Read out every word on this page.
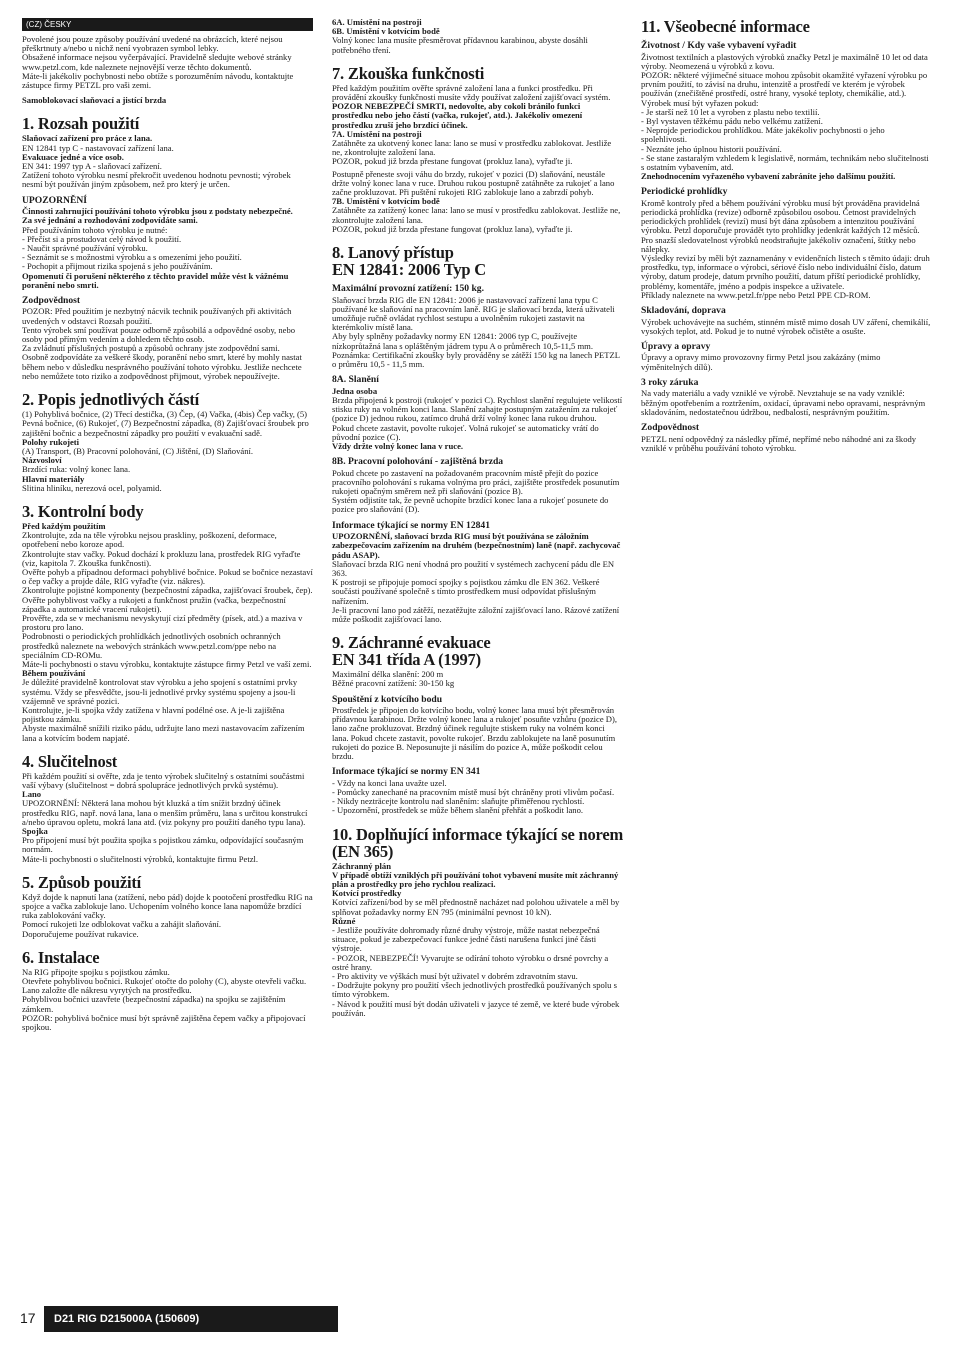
(CZ) ČESKY

Povolené jsou pouze způsoby používání uvedené na obrázcích, které nejsou přeškrtnuty a/nebo u nichž není vyobrazen symbol lebky.

Obsažené informace nejsou vyčerpávající. Pravidelně sledujte webové stránky www.petzl.com, kde naleznete nejnovější verze těchto dokumentů.

Máte-li jakékoliv pochybnosti nebo obtíže s porozuměním návodu, kontaktujte zástupce firmy PETZL pro vaši zemi.

Samoblokovací slaňovací a jistící brzda

1. Rozsah použití

Slaňovací zařízení pro práce z lana.

EN 12841 typ C - nastavovací zařízení lana.

Evakuace jedné a více osob.

EN 341: 1997 typ A - slaňovací zařízení.

Zatížení tohoto výrobku nesmí překročit uvedenou hodnotu pevnosti; výrobek nesmí být používán jiným způsobem, než pro který je určen.

UPOZORNĚNÍ

Činnosti zahrnující používání tohoto výrobku jsou z podstaty nebezpečné.

Za své jednání a rozhodování zodpovídáte sami.

Před používáním tohoto výrobku je nutné:

- Přečíst si a prostudovat celý návod k použití.

- Naučit správné používání výrobku.

- Seznámit se s možnostmi výrobku a s omezeními jeho použití.

- Pochopit a přijmout rizika spojená s jeho používáním.

Opomenutí či porušení některého z těchto pravidel může vést k vážnému poranění nebo smrti.

Zodpovědnost

POZOR: Před použitím je nezbytný nácvik technik používaných při aktivitách uvedených v odstavci Rozsah použití.

Tento výrobek smí používat pouze odborně způsobilá a odpovědné osoby, nebo osoby pod přímým vedením a dohledem těchto osob.

Za zvládnutí příslušných postupů a způsobů ochrany jste zodpovědní sami.

Osobně zodpovídáte za veškeré škody, poranění nebo smrt, které by mohly nastat během nebo v důsledku nesprávného používání tohoto výrobku. Jestliže nechcete nebo nemůžete toto riziko a zodpovědnost přijmout, výrobek nepoužívejte.

2. Popis jednotlivých částí

(1) Pohyblivá bočnice, (2) Třecí destička, (3) Čep, (4) Vačka, (4bis) Čep vačky, (5) Pevná bočnice, (6) Rukojeť, (7) Bezpečnostní západka, (8) Zajišťovací šroubek pro zajištění bočnic a bezpečnostní západky pro použití v evakuační sadě.

Polohy rukojeti

(A) Transport, (B) Pracovní polohování, (C) Jištění, (D) Slaňování.

Názvosloví

Brzdící ruka: volný konec lana.

Hlavní materiály

Slitina hliníku, nerezová ocel, polyamid.

3. Kontrolní body

Před každým použitím

Zkontrolujte, zda na těle výrobku nejsou praskliny, poškození, deformace, opotřebení nebo koroze apod.

Zkontrolujte stav vačky. Pokud dochází k prokluzu lana, prostředek RIG vyřaďte (viz, kapitola 7. Zkouška funkčnosti).

Ověřte pohyb a případnou deformaci pohyblivé bočnice. Pokud se bočnice nezastaví o čep vačky a projde dále, RIG vyřaďte (viz. nákres).

Zkontrolujte pojistné komponenty (bezpečnostní západka, zajišťovací šroubek, čep).

Ověřte pohyblivost vačky a rukojeti a funkčnost pružin (vačka, bezpečnostní západka a automatické vracení rukojeti).

Prověřte, zda se v mechanismu nevyskytují cizí předměty (písek, atd.) a maziva v prostoru pro lano.

Podrobnosti o periodických prohlídkách jednotlivých osobních ochranných prostředků naleznete na webových stránkách www.petzl.com/ppe nebo na speciálním CD-ROMu.

Máte-li pochybnosti o stavu výrobku, kontaktujte zástupce firmy Petzl ve vaší zemi.

Během používání

Je důležité pravidelně kontrolovat stav výrobku a jeho spojení s ostatními prvky systému. Vždy se přesvědčte, jsou-li jednotlivé prvky systému spojeny a jsou-li vzájemně ve správné pozici.

Kontrolujte, je-li spojka vždy zatížena v hlavní podélné ose. A je-li zajištěna pojistkou zámku.

Abyste maximálně snížili riziko pádu, udržujte lano mezi nastavovacím zařízením lana a kotvícím bodem napjaté.

4. Slučitelnost

Při každém použití si ověřte, zda je tento výrobek slučitelný s ostatními součástmi vaší výbavy (slučitelnost = dobrá spolupráce jednotlivých prvků systému).

Lano

UPOZORNĚNÍ: Některá lana mohou být kluzká a tím snížit brzdný účinek prostředku RIG, např. nová lana, lana o menším průměru, lana s určitou konstrukcí a/nebo úpravou opletu, mokrá lana atd. (viz pokyny pro použití daného typu lana).

Spojka

Pro připojení musí být použita spojka s pojistkou zámku, odpovídající současným normám.

Máte-li pochybnosti o slučitelnosti výrobků, kontaktujte firmu Petzl.

5. Způsob použití

Když dojde k napnutí lana (zatížení, nebo pád) dojde k pootočení prostředku RIG na spojce a vačka zablokuje lano. Uchopením volného konce lana napomůže brzdící ruka zablokování vačky.

Pomocí rukojeti lze odblokovat vačku a zahájit slaňování.

Doporučujeme používat rukavice.

6. Instalace

Na RIG připojte spojku s pojistkou zámku.

Otevřete pohyblivou bočnici. Rukojeť otočte do polohy (C), abyste otevřeli vačku. Lano založte dle nákresu vyrytých na prostředku.

Pohyblivou bočnici uzavřete (bezpečnostní západka) na spojku se zajištěním zámkem.

POZOR: pohyblivá bočnice musí být správně zajištěna čepem vačky a připojovací spojkou.

6A. Umístění na postroji

6B. Umístění v kotvícím bodě

Volný konec lana musíte přesměrovat přídavnou karabinou, abyste dosáhli potřebného tření.

7. Zkouška funkčnosti

Před každým použitím ověřte správné založení lana a funkci prostředku. Při provádění zkoušky funkčnosti musíte vždy používat založení zajišťovací systém.

POZOR NEBEZPEČÍ SMRTI, nedovolte, aby cokoli bránilo funkci prostředku nebo jeho částí (vačka, rukojeť, atd.). Jakékoliv omezení prostředku zruší jeho brzdící účinek.

7A. Umístění na postroji

Zatáhněte za ukotvený konec lana: lano se musí v prostředku zablokovat. Jestliže ne, zkontrolujte založení lana.

POZOR, pokud již brzda přestane fungovat (prokluz lana), vyřaďte ji.

Postupně přeneste svoji váhu do brzdy, rukojeť v pozici (D) slaňování, neustále držte volný konec lana v ruce. Druhou rukou postupně zatáhněte za rukojeť a lano začne prokluzovat. Při puštění rukojeti RIG zablokuje lano a zabrzdí pohyb.

7B. Umístění v kotvícím bodě

Zatáhněte za zatížený konec lana: lano se musí v prostředku zablokovat. Jestliže ne, zkontrolujte založení lana.

POZOR, pokud již brzda přestane fungovat (prokluz lana), vyřaďte ji.

8. Lanový přístup
EN 12841: 2006 Typ C
Maximální provozní zatížení: 150 kg.

Slaňovací brzda RIG dle EN 12841: 2006 je nastavovací zařízení lana typu C používané ke slaňování na pracovním laně. RIG je slaňovací brzda, která uživateli umožňuje ručně ovládat rychlost sestupu a uvolněním rukojeti zastavit na kterémkoliv místě lana.

Aby byly splněny požadavky normy EN 12841: 2006 typ C, používejte nízkoprůtažná lana s opláštěným jádrem typu A o průměrech 10,5-11,5 mm.

Poznámka: Certifikační zkoušky byly prováděny se zátěží 150 kg na lanech PETZL o průměru 10,5 - 11,5 mm.

8A. Slanění

Jedna osoba

Brzda připojená k postroji (rukojeť v pozici C). Rychlost slanění regulujete velikostí stisku ruky na volném konci lana. Slanění zahajte postupným zatažením za rukojeť (pozice D) jednou rukou, zatímco druhá drží volný konec lana rukou druhou.

Pokud chcete zastavit, povolte rukojeť. Volná rukojeť se automaticky vrátí do původní pozice (C).

Vždy držte volný konec lana v ruce.

8B. Pracovní polohování - zajištěná brzda

Pokud chcete po zastavení na požadovaném pracovním místě přejít do pozice pracovního polohování s rukama volnýma pro práci, zajištěte prostředek posunutím rukojeti opačným směrem než při slaňování (pozice B).

Systém odjistíte tak, že pevně uchopíte brzdící konec lana a rukojeť posunete do pozice pro slaňování (D).

Informace týkající se normy EN 12841

UPOZORNĚNÍ, slaňovací brzda RIG musí být používána se záložním zabezpečovacím zařízením na druhém (bezpečnostním) laně (např. zachycovač pádu ASAP).

Slaňovací brzda RIG není vhodná pro použití v systémech zachycení pádu dle EN 363.

K postroji se připojuje pomocí spojky s pojistkou zámku dle EN 362. Veškeré součásti používané společně s tímto prostředkem musí odpovídat příslušným nařízením.

Je-li pracovní lano pod zátěží, nezatěžujte záložní zajišťovací lano. Rázové zatížení může poškodit zajišťovací lano.

9. Záchranné evakuace
EN 341 třída A (1997)

Maximální délka slanění: 200 m

Běžné pracovní zatížení: 30-150 kg

Spouštění z kotvícího bodu

Prostředek je připojen do kotvícího bodu, volný konec lana musí být přesměrován přídavnou karabinou. Držte volný konec lana a rukojeť posuňte vzhůru (pozice D), lano začne prokluzovat. Brzdný účinek regulujte stiskem ruky na volném konci lana. Pokud chcete zastavit, povolte rukojeť. Brzdu zablokujete na laně posunutím rukojeti do pozice B. Neposunujte ji násilím do pozice A, může poškodit celou brzdu.

Informace týkající se normy EN 341

- Vždy na konci lana uvažte uzel.

- Pomůcky zanechané na pracovním místě musí být chráněny proti vlivům počasí.

- Nikdy nezträcejte kontrolu nad slaněním: slaňujte přiměřenou rychlostí.

- Upozornění, prostředek se může během slanění přehřát a poškodit lano.

10. Doplňující informace týkající se norem (EN 365)

Záchranný plán

V případě obtíží vzniklých při používání tohot vybavení musíte mít záchranný plán a prostředky pro jeho rychlou realizaci.

Kotvící prostředky

Kotvící zařízení/bod by se měl přednostně nacházet nad polohou uživatele a měl by splňovat požadavky normy EN 795 (minimální pevnost 10 kN).

Různé

- Jestliže používáte dohromady různé druhy výstroje, může nastat nebezpečná situace, pokud je zabezpečovací funkce jedné části narušena funkcí jiné části výstroje.

- POZOR, NEBEZPEČÍ! Vyvarujte se odírání tohoto výrobku o drsné povrchy a ostré hrany.

- Pro aktivity ve výškách musí být uživatel v dobrém zdravotním stavu.

- Dodržujte pokyny pro použití všech jednotlivých prostředků používaných spolu s tímto výrobkem.

- Návod k použití musí být dodán uživateli v jazyce té země, ve které bude výrobek používán.

11. Všeobecné informace
Životnost / Kdy vaše vybavení vyřadit

Životnost textilních a plastových výrobků značky Petzl je maximálně 10 let od data výroby. Neomezená u výrobků z kovu.

POZOR: některé výjimečné situace mohou způsobit okamžité vyřazení výrobku po prvním použití, to závisí na druhu, intenzitě a prostředí ve kterém je výrobek používán (znečištěné prostředí, ostré hrany, vysoké teploty, chemikálie, atd.).

Výrobek musí být vyřazen pokud:

- Je starší než 10 let a vyroben z plastu nebo textilií.

- Byl vystaven těžkému pádu nebo velkému zatížení.

- Neprojde periodickou prohlídkou. Máte jakékoliv pochybnosti o jeho spolehlivosti.

- Neznáte jeho úplnou historii používání.

- Se stane zastaralým vzhledem k legislativě, normám, technikám nebo slučitelnosti s ostatním vybavením, atd.

Znehodnocením vyřazeného vybavení zabráníte jeho dalšímu použití.

Periodické prohlídky

Kromě kontroly před a během používání výrobku musí být prováděna pravidelná periodická prohlídka (revize) odborně způsobilou osobou. Četnost pravidelných periodických prohlídek (revizí) musí být dána způsobem a intenzitou používání výrobku. Petzl doporučuje provádět tyto prohlídky jedenkrát každých 12 měsíců.

Pro snazší sledovatelnost výrobků neodstraňujte jakékoliv označení, štítky nebo nálepky.

Výsledky revizí by měli být zaznamenány v evidenčních listech s těmito údaji: druh prostředku, typ, informace o výrobci, sériové číslo nebo individuální číslo, datum výroby, datum prodeje, datum prvního použití, datum příští periodické prohlídky, problémy, komentáře, jméno a podpis inspekce a uživatele.

Příklady naleznete na www.petzl.fr/ppe nebo Petzl PPE CD-ROM.

Skladování, doprava

Výrobek uchovávejte na suchém, stinném místě mimo dosah UV záření, chemikálií, vysokých teplot, atd. Pokud je to nutné výrobek očistěte a osušte.

Úpravy a opravy

Úpravy a opravy mimo provozovny firmy Petzl jsou zakázány (mimo výměnitelných dílů).

3 roky záruka

Na vady materiálu a vady vzniklé ve výrobě. Nevztahuje se na vady vzniklé: běžným opotřebením a roztržením, oxidací, úpravami nebo opravami, nesprávným skladováním, nedostatečnou údržbou, nedbalostí, nesprávným použitím.

Zodpovědnost

PETZL není odpovědný za následky přímé, nepřímé nebo náhodné ani za škody vzniklé v průběhu používání tohoto výrobku.

17	D21 RIG D215000A (150609)
